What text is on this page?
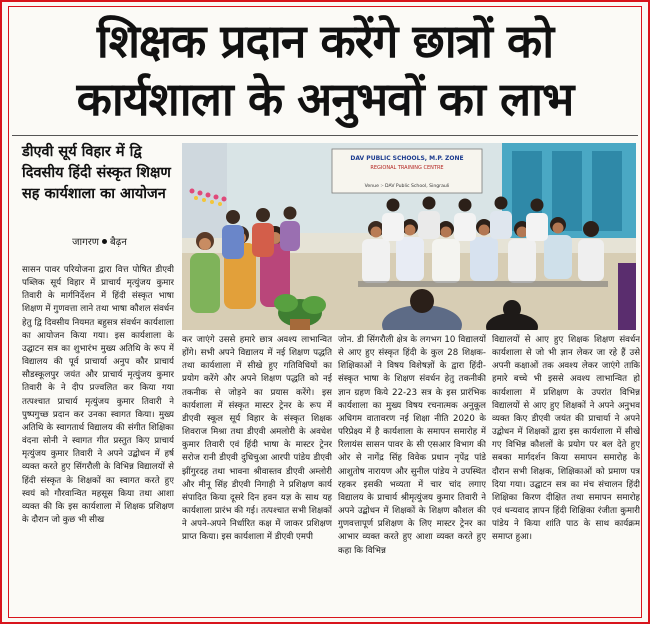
शिक्षक प्रदान करेंगे छात्रों को
कार्यशाला के अनुभवों का लाभ
डीएवी सूर्य विहार में द्वि दिवसीय हिंदी संस्कृत शिक्षण सह कार्यशाला का आयोजन
जागरण बैढ़न
DAV PUBLIC SCHOOLS, M.P. ZONE
REGIONAL TRAINING CENTRE
Venue :- DAV Public School, Singrauli

सासन पावर परियोजना द्वारा वित्त पोषित डीएवी पब्लिक सूर्य विहार में प्राचार्य मृत्युंजय कुमार तिवारी के मार्गनिर्देशन में हिंदी संस्कृत भाषा शिक्षण में गुणवत्ता लाने तथा भाषा कौशल संवर्धन हेतु द्वि दिवसीय नियमत बहुसत्र संवर्धन कार्यशाला का आयोजन किया गया। इस कार्यशाला के उद्घाटन सत्र का शुभारंभ मुख्य अतिथि के रूप में विद्यालय की पूर्व प्राचार्या अनुप कौर प्राचार्य सौडस्कूलपुर जयंत और प्राचार्य मृत्युंजय कुमार तिवारी के ने दीप प्रज्वलित कर किया गया तत्पश्चात प्राचार्य मृत्युंजय कुमार तिवारी ने पुष्पगुच्छ प्रदान कर उनका स्वागत किया। मुख्य अतिथि के स्वागतार्थ विद्यालय की संगीत शिक्षिका वंदना सोनी ने स्वागत गीत प्रस्तुत किए प्राचार्य मृत्युंजय कुमार तिवारी ने अपने उद्बोधन में हर्ष व्यक्त करते हुए सिंगरौली के विभिन्न विद्यालयों से हिंदी संस्कृत के शिक्षकों का स्वागत करते हुए स्वयं को गौरवान्वित महसूस किया तथा आशा व्यक्त की कि इस कार्यशाला में शिक्षक प्रशिक्षण के दौरान जो कुछ भी सीख

कर जाएंगे उससे हमारे छात्र अवश्य लाभान्वित होंगे। सभी अपने विद्यालय में नई शिक्षण पद्धति तथा कार्यशाला में सीखे हुए गतिविधियों का प्रयोग करेंगे और अपने शिक्षण पद्धति को नई तकनीक से जोड़ने का प्रयास करेंगे। इस कार्यशाला में संस्कृत मास्टर ट्रेनर के रूप में डीएवी स्कूल सूर्य विहार के संस्कृत शिक्षक शिवराज मिश्रा तथा डीएवी अमलोरी के अवधेश कुमार तिवारी एवं हिंदी भाषा के मास्टर ट्रेनर सरोज रानी डीएवी दुधिचुआ आरपी पांडेय डीएवी झींगुरदह तथा भावना श्रीवास्तव डीएवी अम्लोरी और मीनू सिंह डीएवी निगाही ने प्रशिक्षण कार्य संपादित किया दूसरे दिन हवन यज्ञ के साथ यह कार्यशाला प्रारंभ की गई। तत्पश्चात सभी शिक्षकों ने अपने-अपने निर्धारित कक्ष में जाकर प्रशिक्षण प्राप्त किया। इस कार्यशाला में डीएवी एमपी

जोन. डी सिंगरौली क्षेत्र के लगभग 10 विद्यालयों से आए हुए संस्कृत हिंदी के कुल 28 शिक्षक-शिक्षिकाओं ने विषय विशेषज्ञों के द्वारा हिंदी-संस्कृत भाषा के शिक्षण संवर्धन हेतु तकनीकी ज्ञान ग्रहण किये 22-23 सत्र के इस प्रारंभिक कार्यशाला का मुख्य विषय रचनात्मक अनुकूल अधिगम वातावरण नई शिक्षा नीति 2020 के परिप्रेक्ष्य में है कार्यशाला के समापन समारोह में रिलायंस सासन पावर के सी एसआर विभाग की ओर से नागेंद्र सिंह विवेक प्रधान नृपेंद्र पांडे आशुतोष नारायण और सुनील पांडेय ने उपस्थित रहकर इसकी भव्यता में चार चांद लगाए विद्यालय के प्राचार्य श्रीमृत्युंजय कुमार तिवारी ने अपने उद्बोधन में शिक्षकों के शिक्षण कौशल की गुणवत्तापूर्ण प्रशिक्षण के लिए मास्टर ट्रेनर का आभार व्यक्त करते हुए आशा व्यक्त करते हुए कहा कि विभिन्न

विद्यालयों से आए हुए शिक्षक शिक्षण संवर्धन कार्यशाला से जो भी ज्ञान लेकर जा रहे हैं उसे अपनी कक्षाओं तक अवश्य लेकर जाएंगे ताकि हमारे बच्चे भी इससे अवश्य लाभान्वित हो कार्यशाला में प्रशिक्षण के उपरांत विभिन्न विद्यालयों से आए हुए शिक्षकों ने अपने अनुभव व्यक्त किए डीएवी जयंत की प्राचार्या ने अपने उद्बोधन में शिक्षकों द्वारा इस कार्यशाला में सीखे गए विभिन्न कौशलों के प्रयोग पर बल देते हुए सबका मार्गदर्शन किया समापन समारोह के दौरान सभी शिक्षक, शिक्षिकाओं को प्रमाण पत्र दिया गया। उद्घाटन सत्र का मंच संचालन हिंदी शिक्षिका किरण दीक्षित तथा समापन समारोह एवं धन्यवाद ज्ञापन हिंदी शिक्षिका रंजीता कुमारी पांडेय ने किया शांति पाठ के साथ कार्यक्रम समाप्त हुआ।
